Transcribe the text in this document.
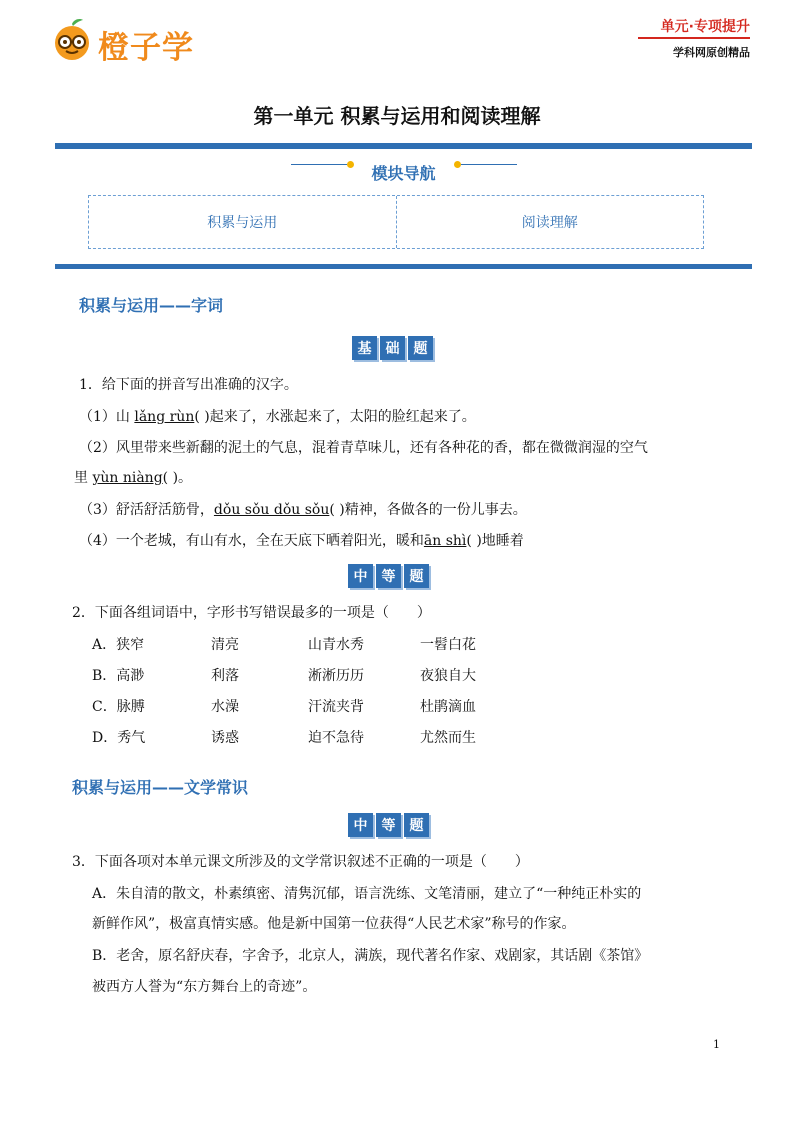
橙子学
单元·专项提升
学科网原创精品
第一单元 积累与运用和阅读理解
模块导航
积累与运用	阅读理解
积累与运用——字词
基	础	题
1．给下面的拼音写出准确的汉字。
（1）山 lǎng rùn( )起来了，水涨起来了，太阳的脸红起来了。
（2）风里带来些新翻的泥土的气息，混着青草味儿，还有各种花的香，都在微微润湿的空气
里 yùn niàng( )。
（3）舒活舒活筋骨，dǒu sǒu dǒu sǒu( )精神，各做各的一份儿事去。
（4）一个老城，有山有水，全在天底下晒着阳光，暖和ān shì( )地睡着
中	等	题
2．下面各组词语中，字形书写错误最多的一项是（　　）
A．狭窄	清亮	山青水秀	一髫白花
B．高渺	利落	淅淅历历	夜狼自大
C．脉膊	水澡	汗流夹背	杜鹃滴血
D．秀气	诱惑	迫不急待	尤然而生
积累与运用——文学常识
中	等	题
3．下面各项对本单元课文所涉及的文学常识叙述不正确的一项是（　　）
A．朱自清的散文，朴素缜密、清隽沉郁，语言洗练、文笔清丽，建立了“一种纯正朴实的
新鲜作风”，极富真情实感。他是新中国第一位获得“人民艺术家”称号的作家。
B．老舍，原名舒庆春，字舍予，北京人，满族，现代著名作家、戏剧家，其话剧《茶馆》
被西方人誉为“东方舞台上的奇迹”。
1
